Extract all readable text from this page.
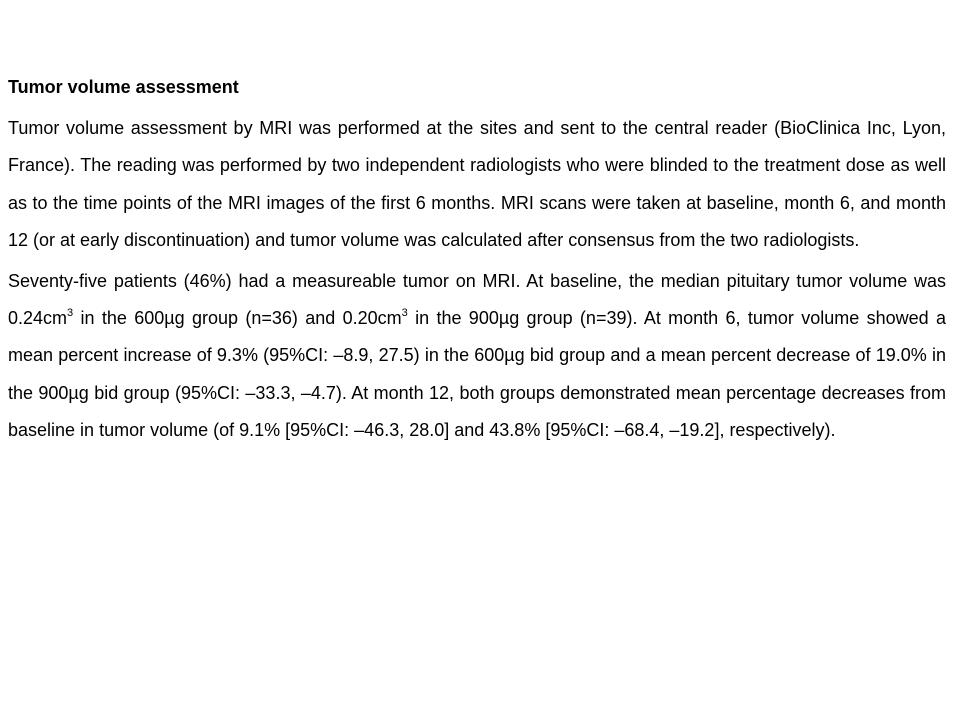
Tumor volume assessment

Tumor volume assessment by MRI was performed at the sites and sent to the central reader (BioClinica Inc, Lyon, France). The reading was performed by two independent radiologists who were blinded to the treatment dose as well as to the time points of the MRI images of the first 6 months. MRI scans were taken at baseline, month 6, and month 12 (or at early discontinuation) and tumor volume was calculated after consensus from the two radiologists.

Seventy-five patients (46%) had a measureable tumor on MRI. At baseline, the median pituitary tumor volume was $0.24cm^3$ in the 600µg group (n=36) and $0.20cm^3$ in the 900µg group (n=39). At month 6, tumor volume showed a mean percent increase of 9.3% (95%CI: –8.9, 27.5) in the 600µg bid group and a mean percent decrease of 19.0% in the 900µg bid group (95%CI: –33.3, –4.7). At month 12, both groups demonstrated mean percentage decreases from baseline in tumor volume (of 9.1% [95%CI: –46.3, 28.0] and 43.8% [95%CI: –68.4, –19.2], respectively).
